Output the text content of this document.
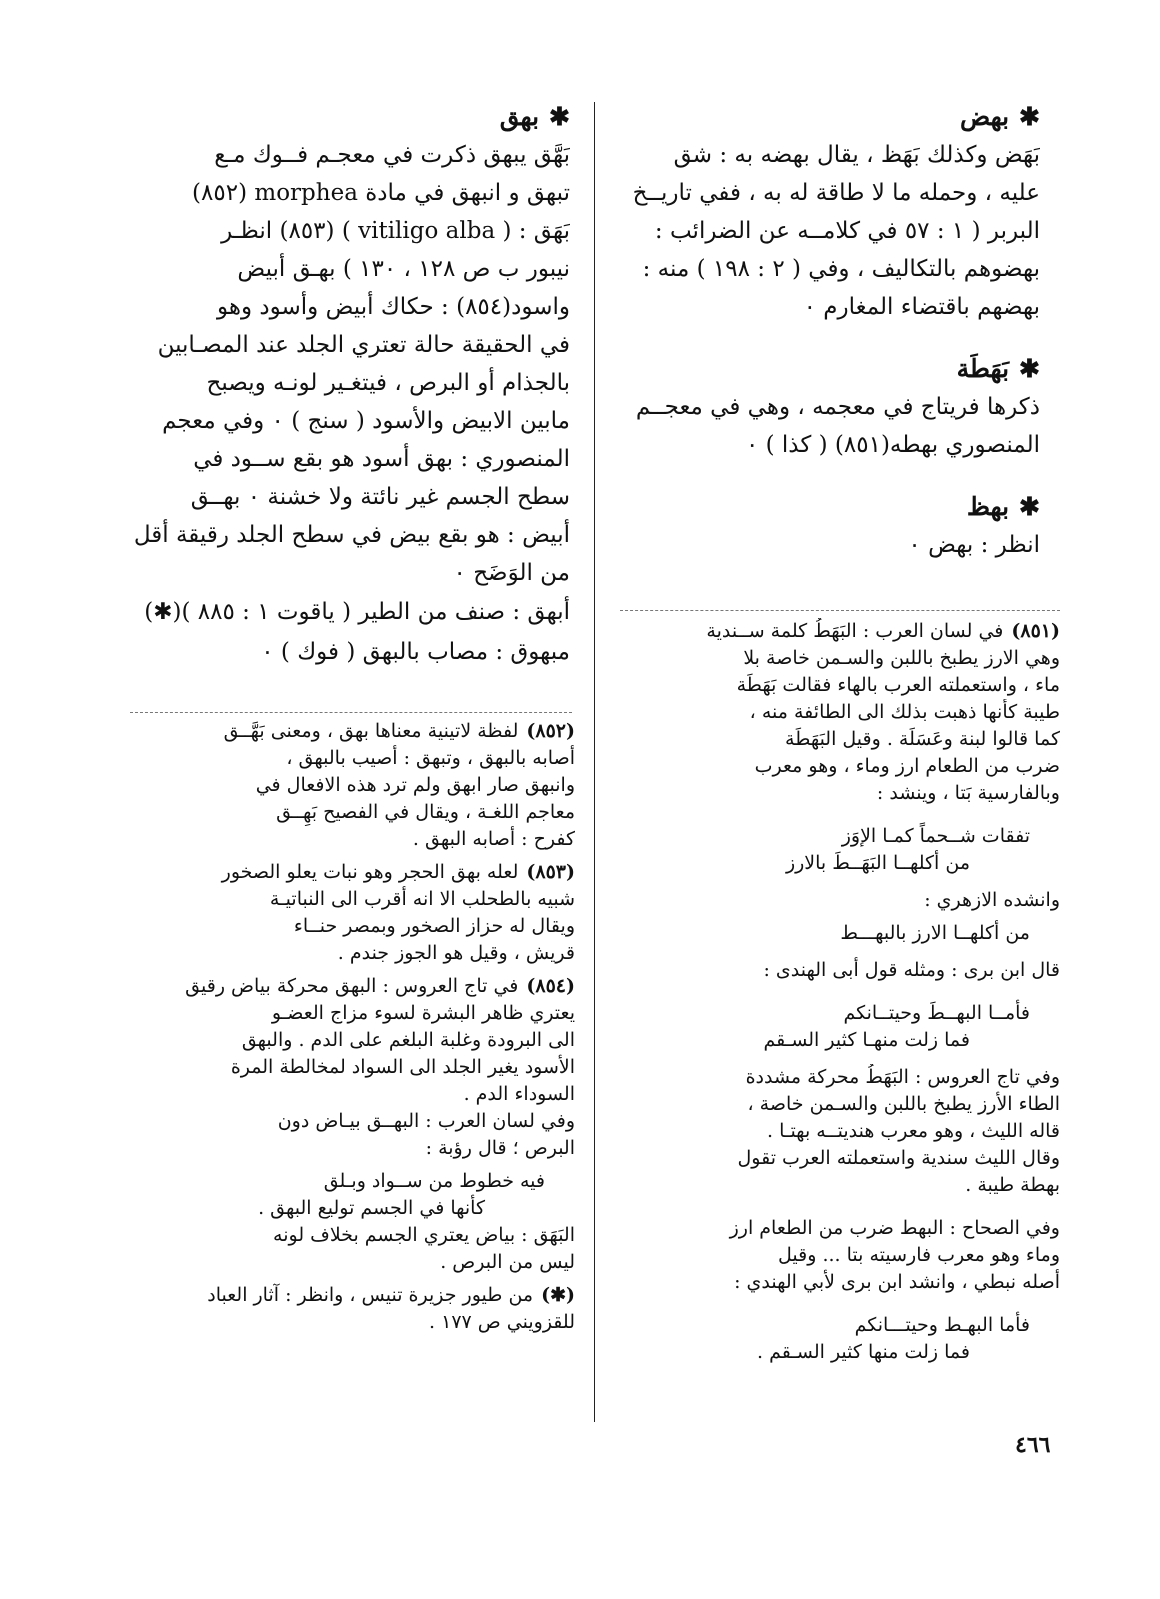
✱بهض
بَهَض وكذلك بَهَظ ، يقال بهضه به : شق
عليه ، وحمله ما لا طاقة له به ، ففي تاريــخ
البربر ( ١ : ٥٧ في كلامــه عن الضرائب :
بهضوهم بالتكاليف ، وفي ( ٢ : ١٩٨ ) منه :
بهضهم باقتضاء المغارم ٠
✱بَهَطَة
ذكرها فريتاج في معجمه ، وهي في معجــم
المنصوري بهطه(٨٥١) ( كذا ) ٠
✱بهظ
انظر : بهض ٠
(٨٥١)في لسان العرب : البَهَطُ كلمة ســندية
وهي الارز يطبخ باللبن والسـمن خاصة بلا
ماء ، واستعملته العرب بالهاء فقالت بَهَطَة
طيبة كأنها ذهبت بذلك الى الطائفة منه ،
كما قالوا لبنة وعَسَلَة . وقيل البَهَطَة
ضرب من الطعام ارز وماء ، وهو معرب
وبالفارسية بَتا ، وينشد :
تفقات شــحماً كمـا الإوَز
من أكلهــا البَهَــطَ بالارز
وانشده الازهري :
من أكلهــا الارز بالبهـــط
قال ابن برى : ومثله قول أبى الهندى :
فأمــا البهــطَ وحيتــانكم
فما زلت منهـا كثير السـقم
وفي تاج العروس : البَهَطُ محركة مشددة
الطاء الأرز يطبخ باللبن والسـمن خاصة ،
قاله الليث ، وهو معرب هنديتــه بهتـا .
وقال الليث سندية واستعملته العرب تقول
بهطة طيبة .
وفي الصحاح : البهط ضرب من الطعام ارز
وماء وهو معرب فارسيته بتا ... وقيل
أصله نبطي ، وانشد ابن برى لأبي الهندي :
فأما البهـط وحيتـــانكم
فما زلت منها كثير السـقم .
✱بهق
بَهَّق يبهق ذكرت في معجـم فــوك مـع
تبهق و انبهق في مادة morphea (٨٥٢)
بَهَق : ( vitiligo alba ) (٨٥٣) انظـر
نيبور ب ص ١٢٨ ، ١٣٠ ) بهـق أبيض
واسود(٨٥٤) : حكاك أبيض وأسود وهو
في الحقيقة حالة تعتري الجلد عند المصـابين
بالجذام أو البرص ، فيتغـير لونـه ويصبح
مابين الابيض والأسود ( سنج ) ٠ وفي معجم
المنصوري : بهق أسود هو بقع ســود في
سطح الجسم غير نائتة ولا خشنة ٠ بهــق
أبيض : هو بقع بيض في سطح الجلد رقيقة أقل
من الوَضَح ٠
أبهق : صنف من الطير ( ياقوت ١ : ٨٨٥ )(✱)
مبهوق : مصاب بالبهق ( فوك ) ٠
(٨٥٢)لفظة لاتينية معناها بهق ، ومعنى بَهَّــق
أصابه بالبهق ، وتبهق : أصيب بالبهق ،
وانبهق صار ابهق ولم ترد هذه الافعال في
معاجم اللغـة ، ويقال في الفصيح بَهِــق
كفرح : أصابه البهق .
(٨٥٣)لعله بهق الحجر وهو نبات يعلو الصخور
شبيه بالطحلب الا انه أقرب الى النباتيـة
ويقال له حزاز الصخور وبمصر حنــاء
قريش ، وقيل هو الجوز جندم .
(٨٥٤)في تاج العروس : البهق محركة بياض رقيق
يعتري ظاهر البشرة لسوء مزاج العضـو
الى البرودة وغلبة البلغم على الدم . والبهق
الأسود يغير الجلد الى السواد لمخالطة المرة
السوداء الدم .
وفي لسان العرب : البهــق بيـاض دون
البرص ؛ قال رؤبة :
فيه خطوط من ســواد وبـلق
كأنها في الجسم توليع البهق .
البَهَق : بياض يعتري الجسم بخلاف لونه
ليس من البرص .
(✱)من طيور جزيرة تنيس ، وانظر : آثار العباد
للقزويني ص ١٧٧ .
٤٦٦
